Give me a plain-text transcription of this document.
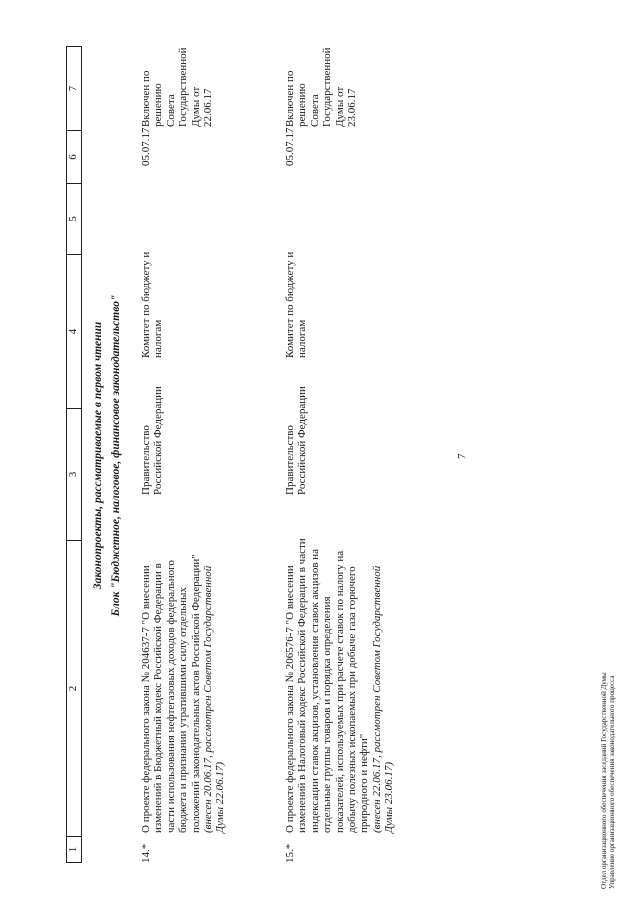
7
1
2
3
4
5
6
7
Законопроекты, рассматриваемые в первом чтении Блок "Бюджетное, налоговое, финансовое законодательство"
14.*
О проекте федерального закона № 204637-7 "О внесении изменений в Бюджетный кодекс Российской Федерации в части использования нефтегазовых доходов федерального бюджета и признании утратившими силу отдельных положений законодательных актов Российской Федерации"
(внесен 20.06.17, рассмотрен Советом Государственной Думы 22.06.17)
Правительство Российской Федерации
Комитет по бюджету и налогам
05.07.17
Включен по решению Совета Государственной Думы от 22.06.17
15.*
О проекте федерального закона № 206576-7 "О внесении изменений в Налоговый кодекс Российской Федерации в части индексации ставок акцизов, установления ставок акцизов на отдельные группы товаров и порядка определения показателей, используемых при расчете ставок по налогу на добычу полезных ископаемых при добыче газа горючего природного и нефти"
(внесен 22.06.17, рассмотрен Советом Государственной Думы 23.06.17)
Правительство Российской Федерации
Комитет по бюджету и налогам
05.07.17
Включен по решению Совета Государственной Думы от 23.06.17
Отдел организационного обеспечения заседаний Государственной Думы Управление организационного обеспечения законодательного процесса
